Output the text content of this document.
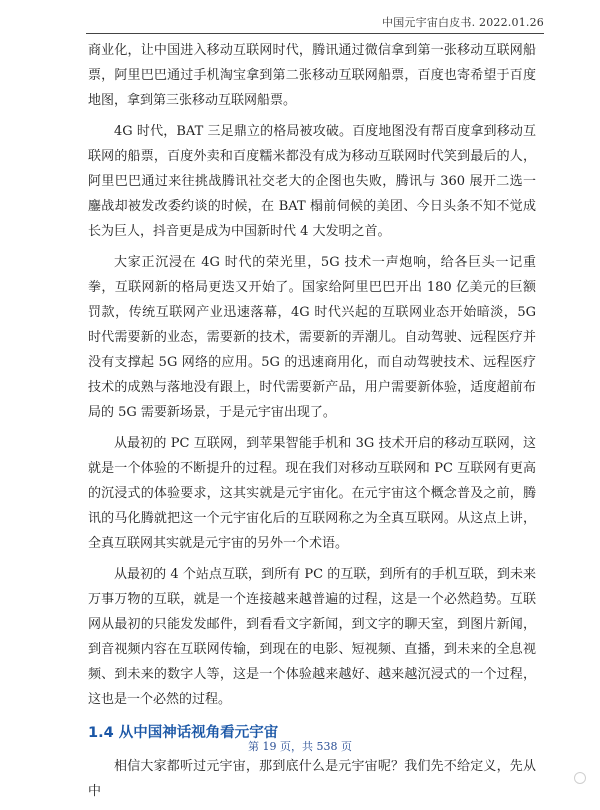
中国元宇宙白皮书. 2022.01.26

商业化，让中国进入移动互联网时代，腾讯通过微信拿到第一张移动互联网船票，阿里巴巴通过手机淘宝拿到第二张移动互联网船票，百度也寄希望于百度地图，拿到第三张移动互联网船票。

4G 时代，BAT 三足鼎立的格局被攻破。百度地图没有帮百度拿到移动互联网的船票，百度外卖和百度糯米都没有成为移动互联网时代笑到最后的人，阿里巴巴通过来往挑战腾讯社交老大的企图也失败，腾讯与 360 展开二选一鏖战却被发改委约谈的时候，在 BAT 榻前伺候的美团、今日头条不知不觉成长为巨人，抖音更是成为中国新时代 4 大发明之首。

大家正沉浸在 4G 时代的荣光里，5G 技术一声炮响，给各巨头一记重拳，互联网新的格局更迭又开始了。国家给阿里巴巴开出 180 亿美元的巨额罚款，传统互联网产业迅速落幕，4G 时代兴起的互联网业态开始暗淡，5G 时代需要新的业态，需要新的技术，需要新的弄潮儿。自动驾驶、远程医疗并没有支撑起 5G 网络的应用。5G 的迅速商用化，而自动驾驶技术、远程医疗技术的成熟与落地没有跟上，时代需要新产品，用户需要新体验，适度超前布局的 5G 需要新场景，于是元宇宙出现了。

从最初的 PC 互联网，到苹果智能手机和 3G 技术开启的移动互联网，这就是一个体验的不断提升的过程。现在我们对移动互联网和 PC 互联网有更高的沉浸式的体验要求，这其实就是元宇宙化。在元宇宙这个概念普及之前，腾讯的马化腾就把这一个元宇宙化后的互联网称之为全真互联网。从这点上讲，全真互联网其实就是元宇宙的另外一个术语。

从最初的 4 个站点互联，到所有 PC 的互联，到所有的手机互联，到未来万事万物的互联，就是一个连接越来越普遍的过程，这是一个必然趋势。互联网从最初的只能发发邮件，到看看文字新闻，到文字的聊天室，到图片新闻，到音视频内容在互联网传输，到现在的电影、短视频、直播，到未来的全息视频、到未来的数字人等，这是一个体验越来越好、越来越沉浸式的一个过程，这也是一个必然的过程。

1.4 从中国神话视角看元宇宙

相信大家都听过元宇宙，那到底什么是元宇宙呢？我们先不给定义，先从中

第 19 页，共 538 页
